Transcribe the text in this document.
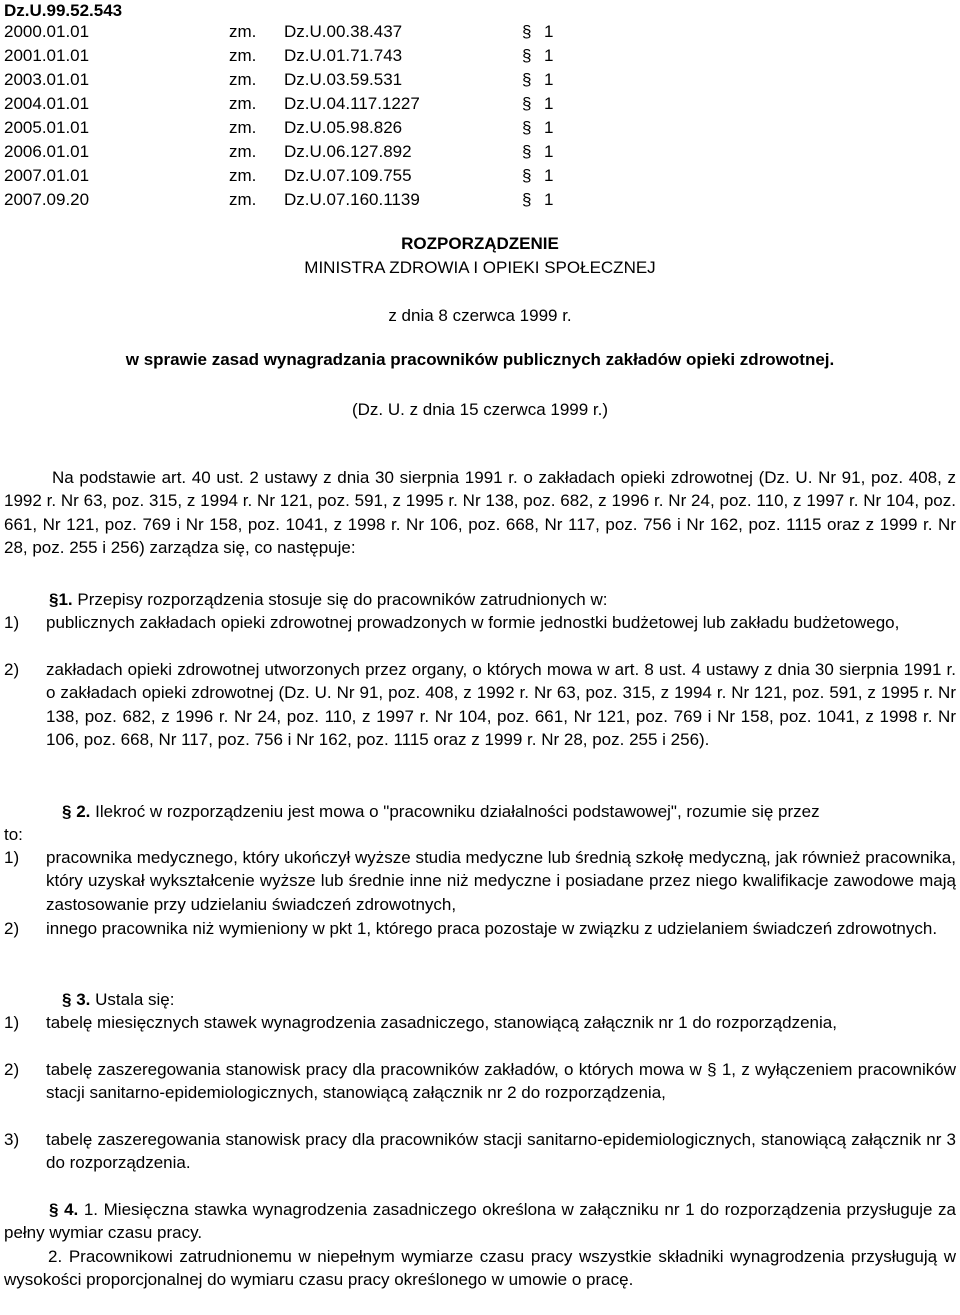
Dz.U.99.52.543
2000.01.01	zm. Dz.U.00.38.437	§ 1
2001.01.01	zm. Dz.U.01.71.743	§ 1
2003.01.01	zm. Dz.U.03.59.531	§ 1
2004.01.01	zm. Dz.U.04.117.1227	§ 1
2005.01.01	zm. Dz.U.05.98.826	§ 1
2006.01.01	zm. Dz.U.06.127.892	§ 1
2007.01.01	zm. Dz.U.07.109.755	§ 1
2007.09.20	zm. Dz.U.07.160.1139	§ 1
ROZPORZĄDZENIE
MINISTRA ZDROWIA I OPIEKI SPOŁECZNEJ
z dnia 8 czerwca 1999 r.
w sprawie zasad wynagradzania pracowników publicznych zakładów opieki zdrowotnej.
(Dz. U. z dnia 15 czerwca 1999 r.)
Na podstawie art. 40 ust. 2 ustawy z dnia 30 sierpnia 1991 r. o zakładach opieki zdrowotnej (Dz. U. Nr 91, poz. 408, z 1992 r. Nr 63, poz. 315, z 1994 r. Nr 121, poz. 591, z 1995 r. Nr 138, poz. 682, z 1996 r. Nr 24, poz. 110, z 1997 r. Nr 104, poz. 661, Nr 121, poz. 769 i Nr 158, poz. 1041, z 1998 r. Nr 106, poz. 668, Nr 117, poz. 756 i Nr 162, poz. 1115 oraz z 1999 r. Nr 28, poz. 255 i 256) zarządza się, co następuje:
§1. Przepisy rozporządzenia stosuje się do pracowników zatrudnionych w:
1) publicznych zakładach opieki zdrowotnej prowadzonych w formie jednostki budżetowej lub zakładu budżetowego,
2) zakładach opieki zdrowotnej utworzonych przez organy, o których mowa w art. 8 ust. 4 ustawy z dnia 30 sierpnia 1991 r. o zakładach opieki zdrowotnej (Dz. U. Nr 91, poz. 408, z 1992 r. Nr 63, poz. 315, z 1994 r. Nr 121, poz. 591, z 1995 r. Nr 138, poz. 682, z 1996 r. Nr 24, poz. 110, z 1997 r. Nr 104, poz. 661, Nr 121, poz. 769 i Nr 158, poz. 1041, z 1998 r. Nr 106, poz. 668, Nr 117, poz. 756 i Nr 162, poz. 1115 oraz z 1999 r. Nr 28, poz. 255 i 256).
§ 2. Ilekroć w rozporządzeniu jest mowa o "pracowniku działalności podstawowej", rozumie się przez
to:
1) pracownika medycznego, który ukończył wyższe studia medyczne lub średnią szkołę medyczną, jak również pracownika, który uzyskał wykształcenie wyższe lub średnie inne niż medyczne i posiadane przez niego kwalifikacje zawodowe mają zastosowanie przy udzielaniu świadczeń zdrowotnych,
2) innego pracownika niż wymieniony w pkt 1, którego praca pozostaje w związku z udzielaniem świadczeń zdrowotnych.
§ 3. Ustala się:
1) tabelę miesięcznych stawek wynagrodzenia zasadniczego, stanowiącą załącznik nr 1 do rozporządzenia,
2) tabelę zaszeregowania stanowisk pracy dla pracowników zakładów, o których mowa w § 1, z wyłączeniem pracowników stacji sanitarno-epidemiologicznych, stanowiącą załącznik nr 2 do rozporządzenia,
3) tabelę zaszeregowania stanowisk pracy dla pracowników stacji sanitarno-epidemiologicznych, stanowiącą załącznik nr 3 do rozporządzenia.
§ 4. 1. Miesięczna stawka wynagrodzenia zasadniczego określona w załączniku nr 1 do rozporządzenia przysługuje za pełny wymiar czasu pracy.
2. Pracownikowi zatrudnionemu w niepełnym wymiarze czasu pracy wszystkie składniki wynagrodzenia przysługują w wysokości proporcjonalnej do wymiaru czasu pracy określonego w umowie o pracę.
